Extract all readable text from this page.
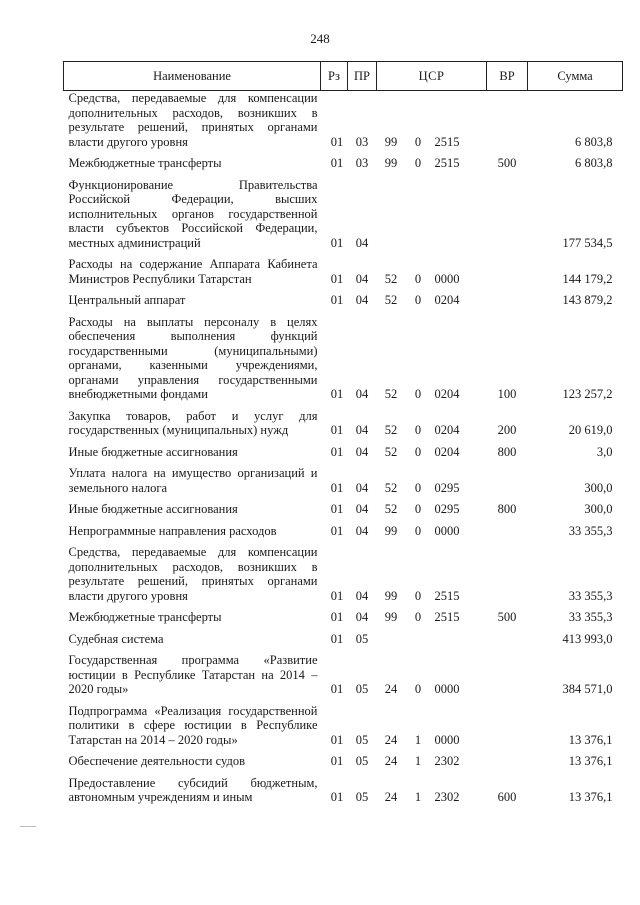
248
Наименование	Рз	ПР	ЦСР			ВР	Сумма
Средства, передаваемые для компенсации дополнительных расходов, возникших в результате решений, принятых органами власти другого уровня	01	03	99	0	2515		6 803,8

Межбюджетные трансферты	01	03	99	0	2515	500	6 803,8

Функционирование Правительства Российской Федерации, высших исполнительных органов государственной власти субъектов Российской Федерации, местных администраций	01	04					177 534,5

Расходы на содержание Аппарата Кабинета Министров Республики Татарстан	01	04	52	0	0000		144 179,2

Центральный аппарат	01	04	52	0	0204		143 879,2

Расходы на выплаты персоналу в целях обеспечения выполнения функций государственными (муниципальными) органами, казенными учреждениями, органами управления государственными внебюджетными фондами	01	04	52	0	0204	100	123 257,2

Закупка товаров, работ и услуг для государственных (муниципальных) нужд	01	04	52	0	0204	200	20 619,0

Иные бюджетные ассигнования	01	04	52	0	0204	800	3,0

Уплата налога на имущество организаций и земельного налога	01	04	52	0	0295		300,0

Иные бюджетные ассигнования	01	04	52	0	0295	800	300,0

Непрограммные направления расходов	01	04	99	0	0000		33 355,3

Средства, передаваемые для компенсации дополнительных расходов, возникших в результате решений, принятых органами власти другого уровня	01	04	99	0	2515		33 355,3

Межбюджетные трансферты	01	04	99	0	2515	500	33 355,3

Судебная система	01	05					413 993,0

Государственная программа «Развитие юстиции в Республике Татарстан на 2014 – 2020 годы»	01	05	24	0	0000		384 571,0

Подпрограмма «Реализация государственной политики в сфере юстиции в Республике Татарстан на 2014 – 2020 годы»	01	05	24	1	0000		13 376,1

Обеспечение деятельности судов	01	05	24	1	2302		13 376,1

Предоставление субсидий бюджетным, автономным учреждениям и иным	01	05	24	1	2302	600	13 376,1
